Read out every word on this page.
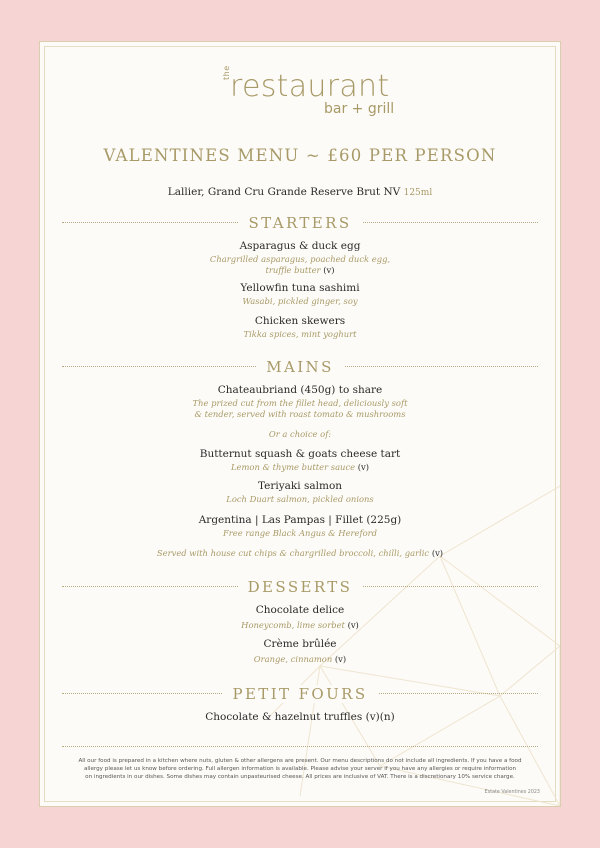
the restaurant
bar + grill
VALENTINES MENU ~ £60 PER PERSON
Lallier, Grand Cru Grande Reserve Brut NV 125ml
STARTERS
Asparagus & duck egg
Chargrilled asparagus, poached duck egg,
truffle butter (v)
Yellowfin tuna sashimi
Wasabi, pickled ginger, soy
Chicken skewers
Tikka spices, mint yoghurt
MAINS
Chateaubriand (450g) to share
The prized cut from the fillet head, deliciously soft
& tender, served with roast tomato & mushrooms
Or a choice of:
Butternut squash & goats cheese tart
Lemon & thyme butter sauce (v)
Teriyaki salmon
Loch Duart salmon, pickled onions
Argentina | Las Pampas | Fillet (225g)
Free range Black Angus & Hereford
Served with house cut chips & chargrilled broccoli, chilli, garlic (v)
DESSERTS
Chocolate delice
Honeycomb, lime sorbet (v)
Crème brûlée
Orange, cinnamon (v)
PETIT FOURS
Chocolate & hazelnut truffles (v)(n)
All our food is prepared in a kitchen where nuts, gluten & other allergens are present. Our menu descriptions do not include all ingredients. If you have a food
allergy please let us know before ordering. Full allergen information is available. Please advise your server if you have any allergies or require information
on ingredients in our dishes. Some dishes may contain unpasteurised cheese. All prices are inclusive of VAT. There is a discretionary 10% service charge.
Estate Valentines 2023
